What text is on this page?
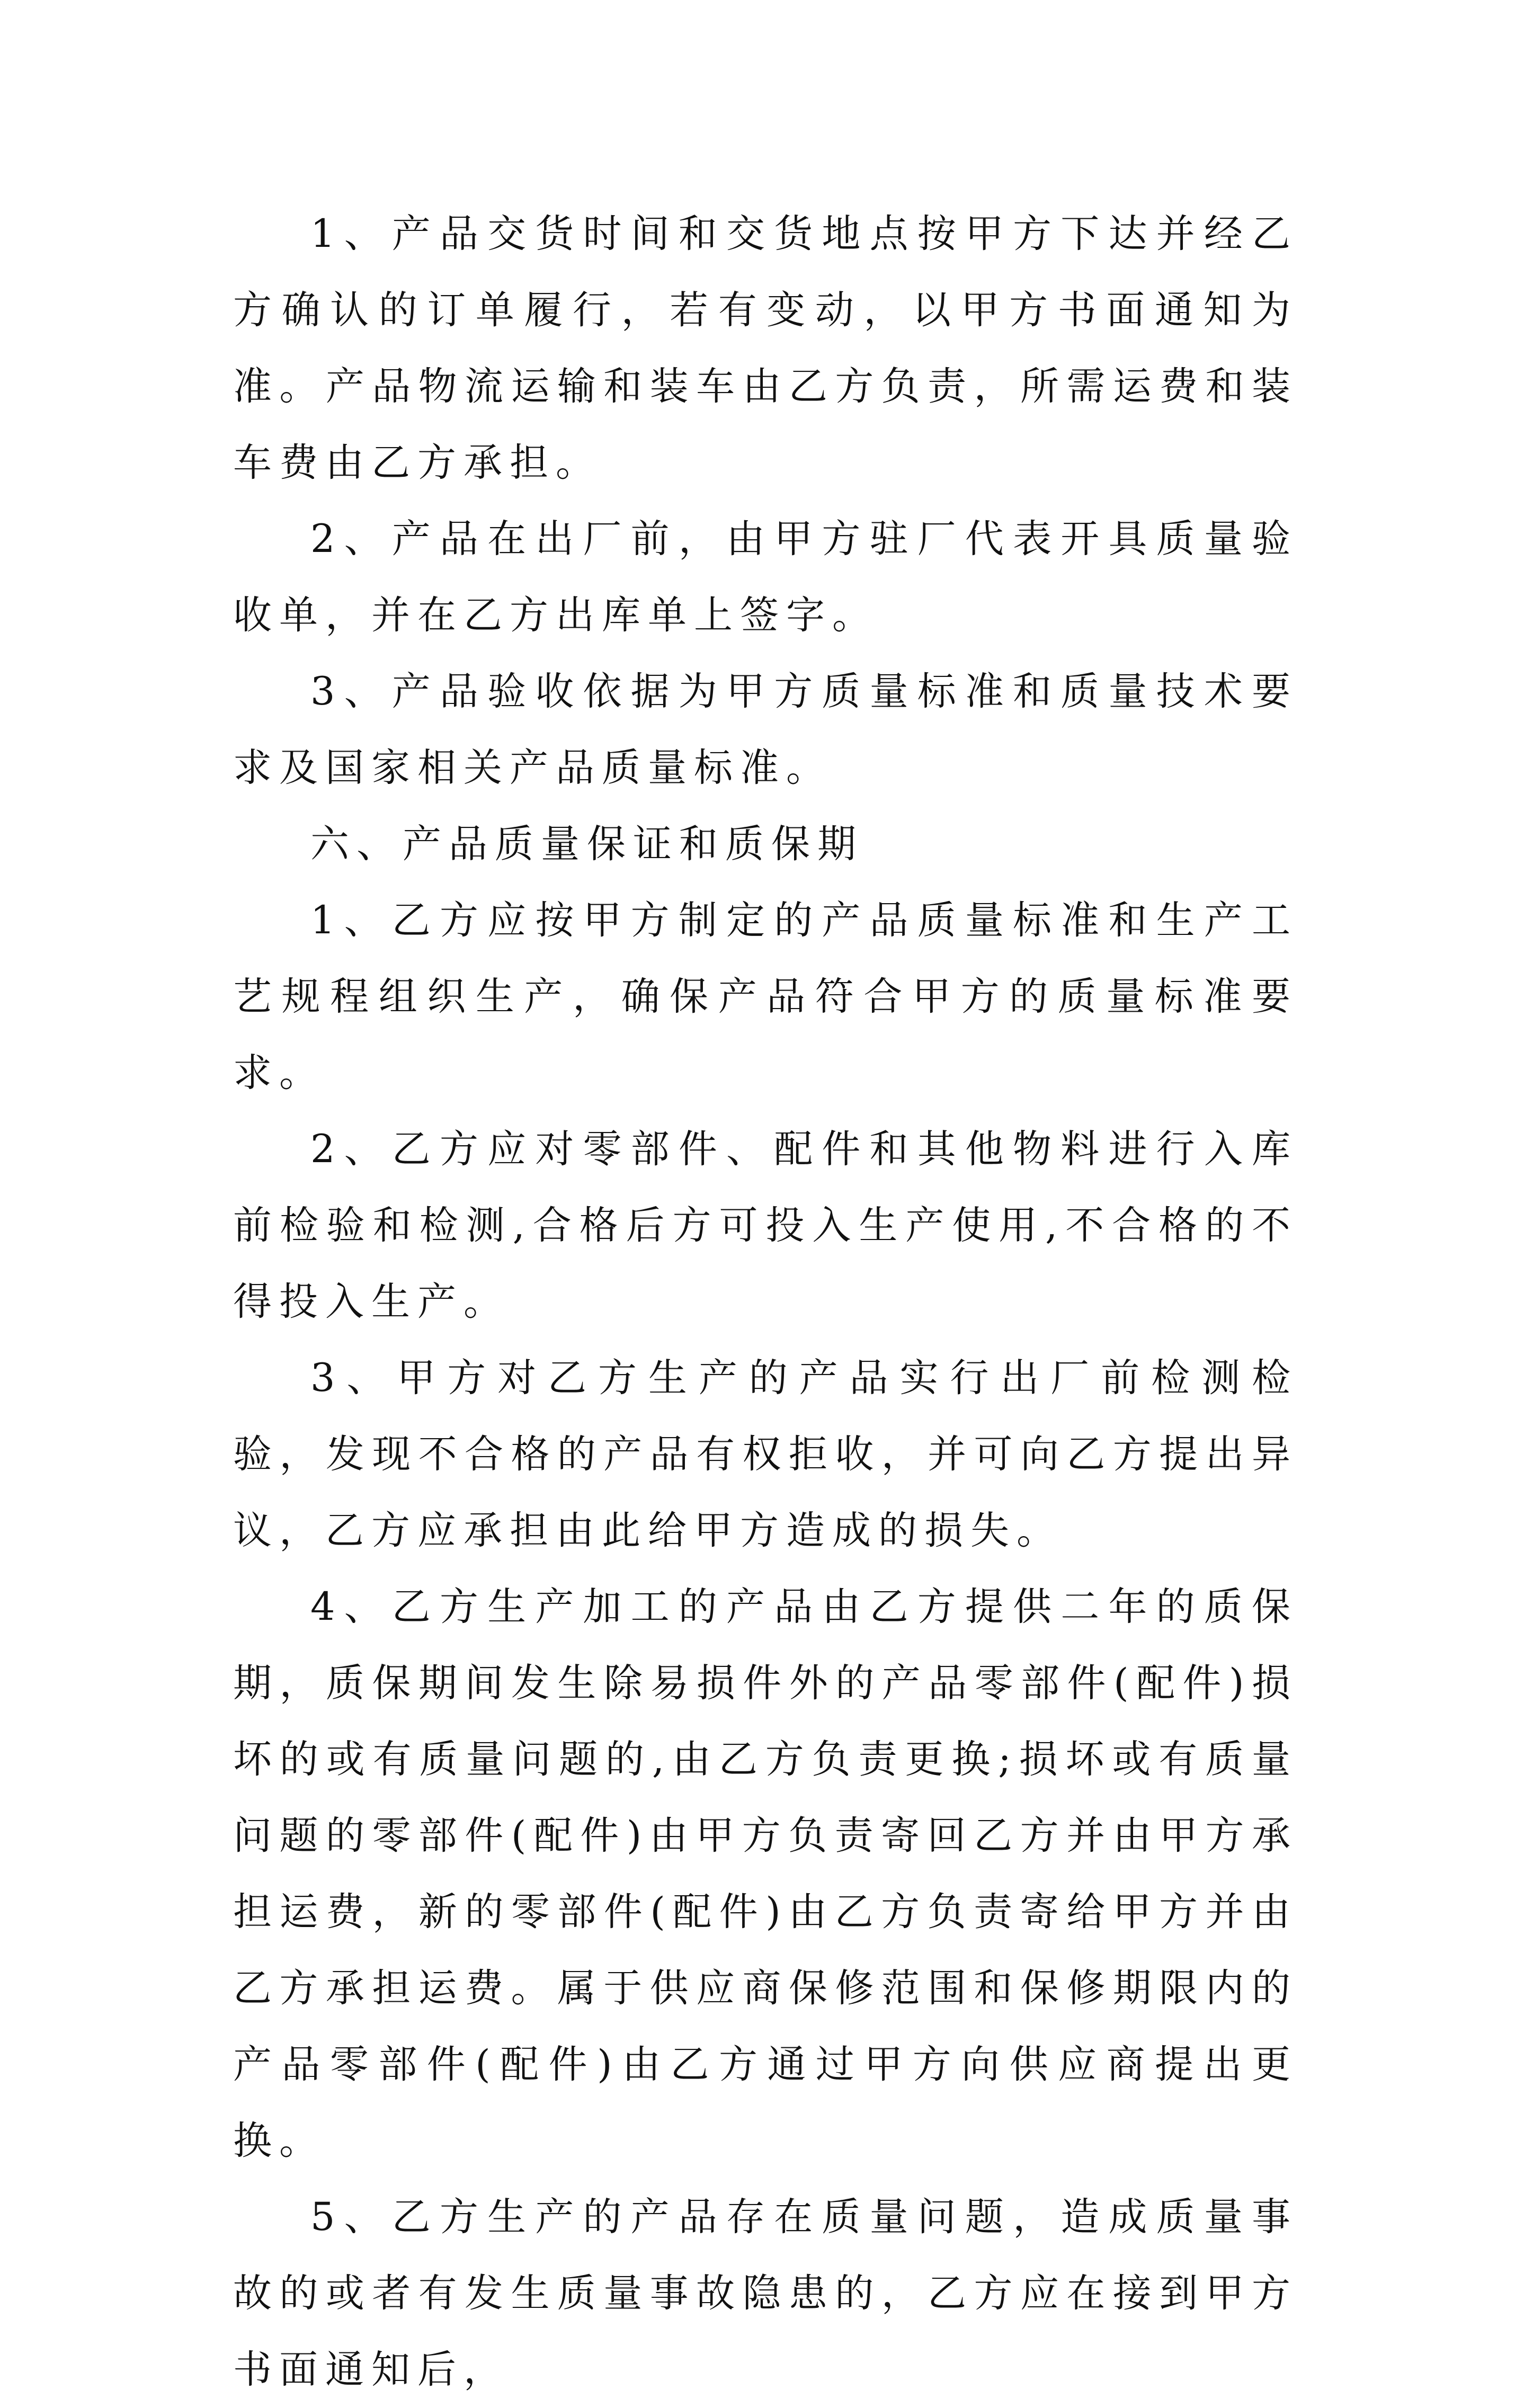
1、产品交货时间和交货地点按甲方下达并经乙方确认的订单履行，若有变动，以甲方书面通知为准。产品物流运输和装车由乙方负责，所需运费和装车费由乙方承担。

2、产品在出厂前，由甲方驻厂代表开具质量验收单，并在乙方出库单上签字。

3、产品验收依据为甲方质量标准和质量技术要求及国家相关产品质量标准。

六、产品质量保证和质保期

1、乙方应按甲方制定的产品质量标准和生产工艺规程组织生产，确保产品符合甲方的质量标准要求。

2、乙方应对零部件、配件和其他物料进行入库前检验和检测,合格后方可投入生产使用,不合格的不得投入生产。

3、甲方对乙方生产的产品实行出厂前检测检验，发现不合格的产品有权拒收，并可向乙方提出异议，乙方应承担由此给甲方造成的损失。

4、乙方生产加工的产品由乙方提供二年的质保期，质保期间发生除易损件外的产品零部件(配件)损坏的或有质量问题的,由乙方负责更换;损坏或有质量问题的零部件(配件)由甲方负责寄回乙方并由甲方承担运费，新的零部件(配件)由乙方负责寄给甲方并由乙方承担运费。属于供应商保修范围和保修期限内的产品零部件(配件)由乙方通过甲方向供应商提出更换。

5、乙方生产的产品存在质量问题，造成质量事故的或者有发生质量事故隐患的，乙方应在接到甲方书面通知后，
